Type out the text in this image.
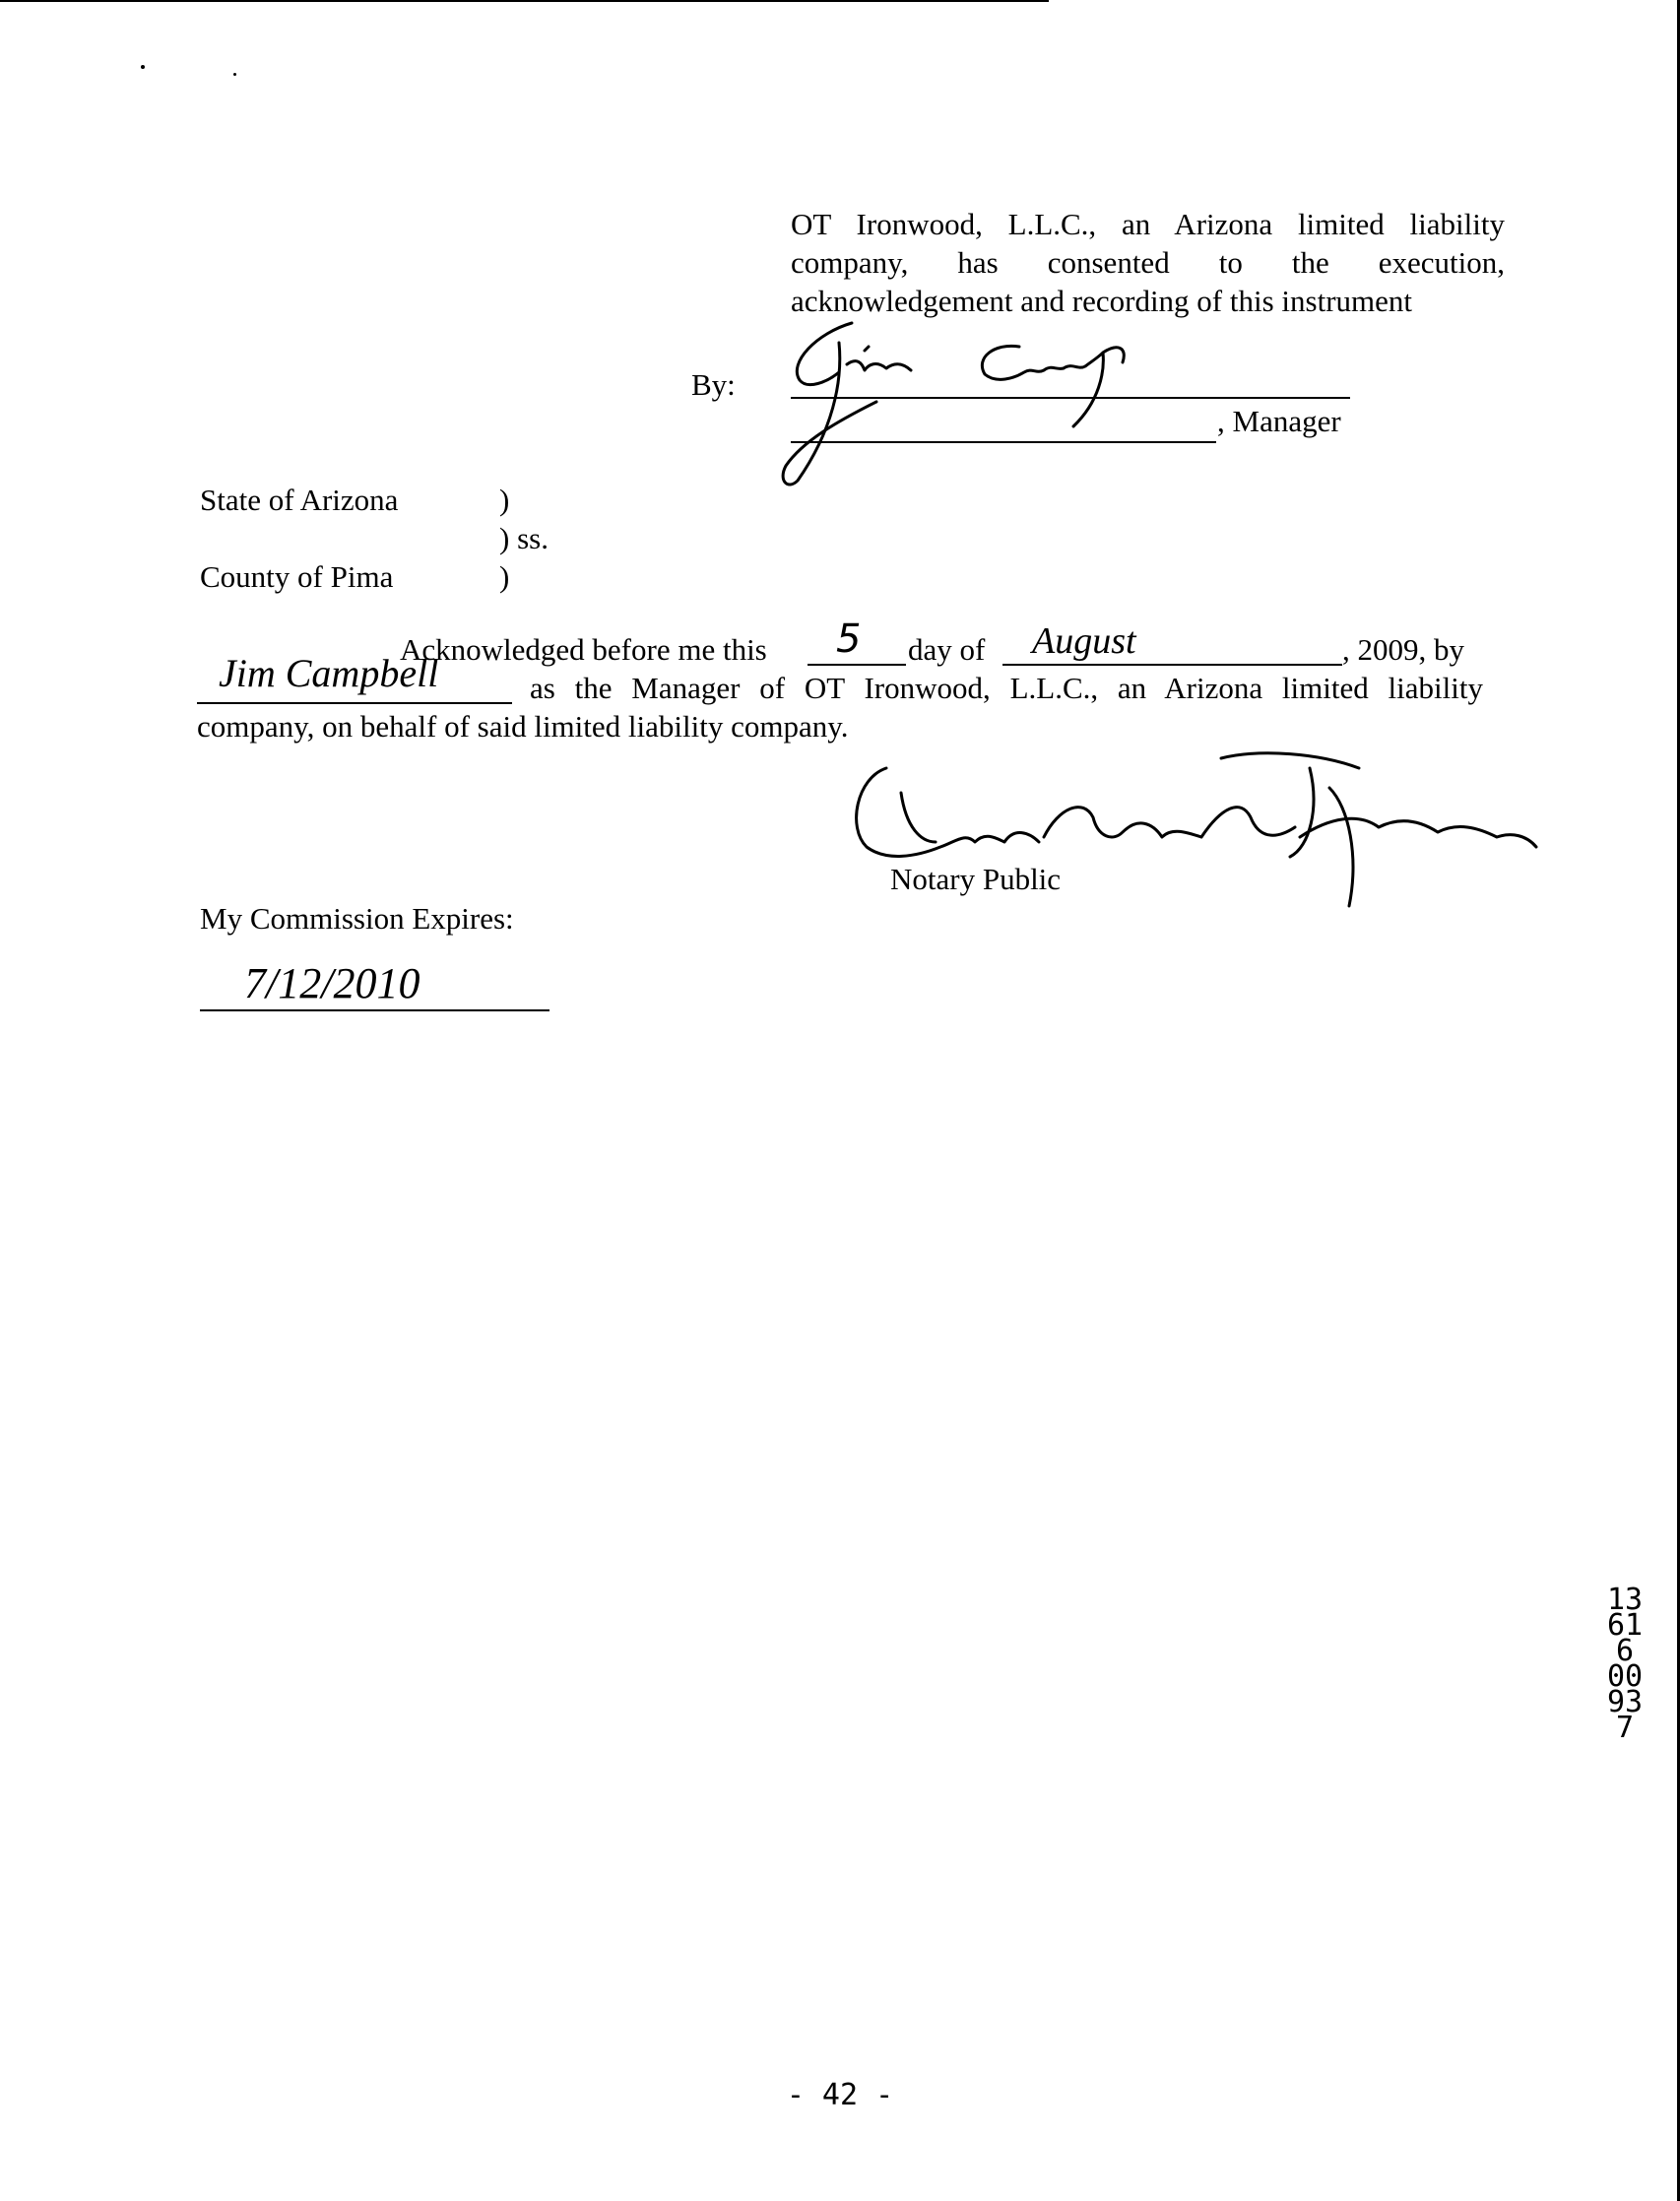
OT Ironwood, L.L.C., an Arizona limited liability
company, has consented to the execution,
acknowledgement and recording of this instrument
By:
, Manager
State of Arizona	)
) ss.
County of Pima	)
Acknowledged before me this 5 day of August	, 2009, by
Jim Campbell	as the Manager of OT Ironwood, L.L.C., an Arizona limited liability
company, on behalf of said limited liability company.
Notary Public
My Commission Expires:
7/12/2010
13616 00937
- 42 -
